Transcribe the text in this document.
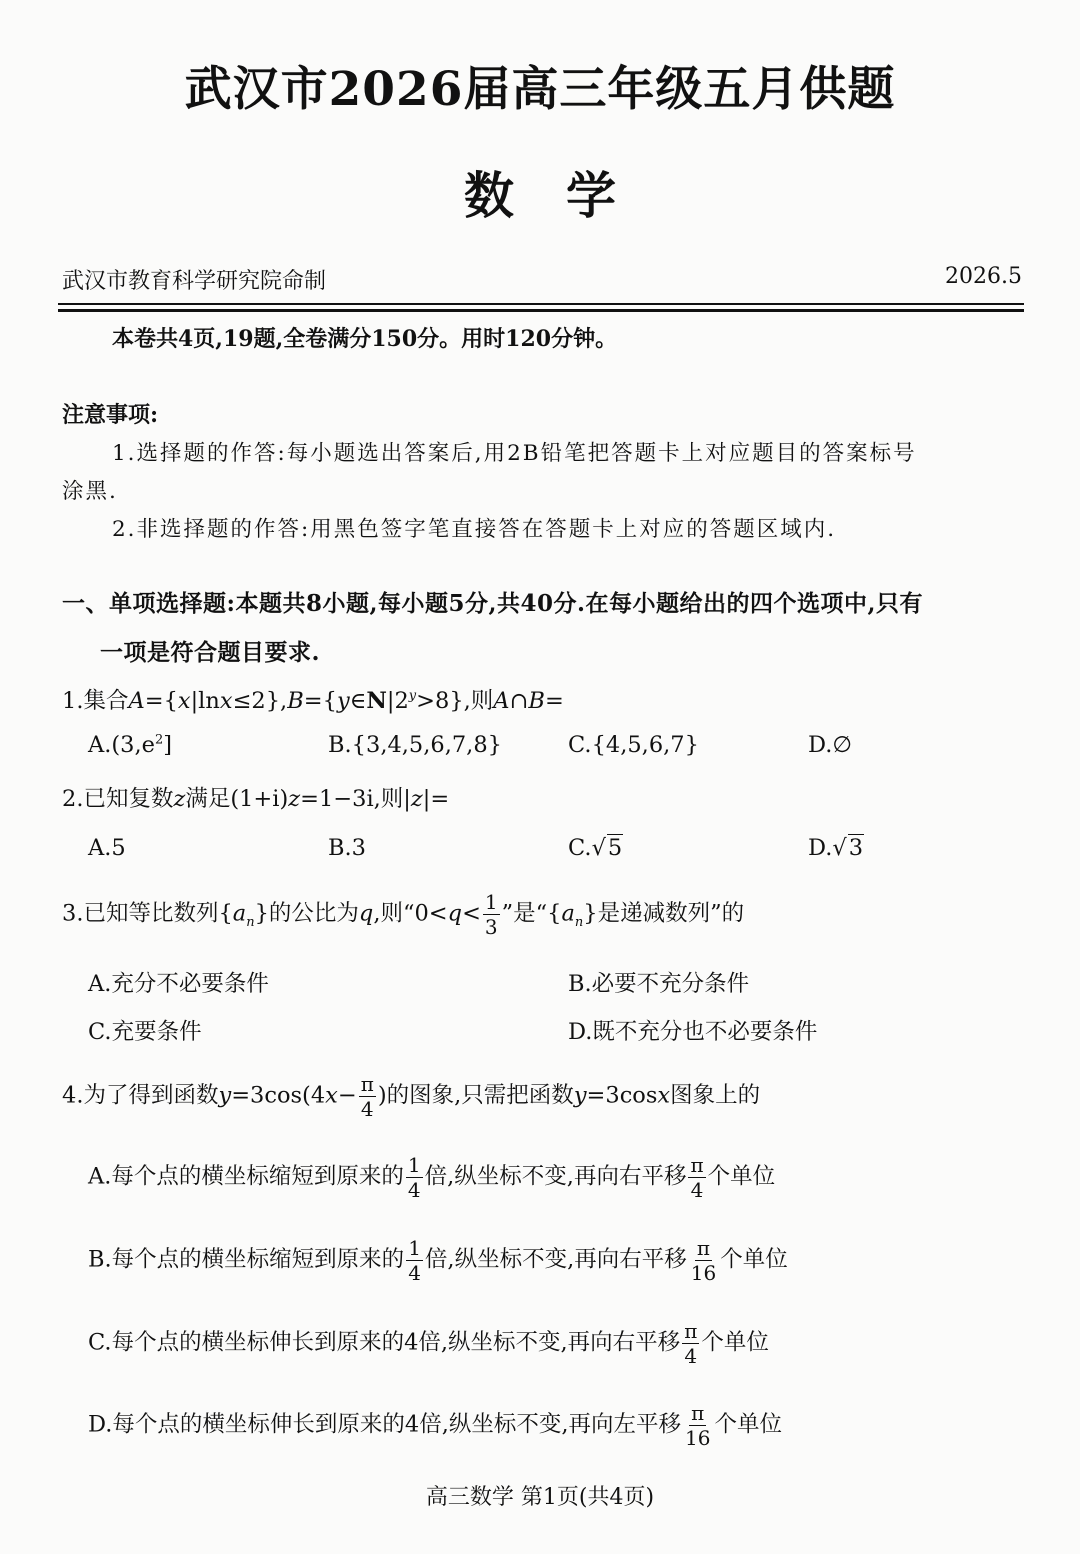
武汉市2026届高三年级五月供题
数 学
武汉市教育科学研究院命制	2026.5
本卷共4页,19题,全卷满分150分。用时120分钟。
注意事项:
1.选择题的作答:每小题选出答案后,用2B铅笔把答题卡上对应题目的答案标号
涂黑.
2.非选择题的作答:用黑色签字笔直接答在答题卡上对应的答题区域内.
一、单项选择题:本题共8小题,每小题5分,共40分.在每小题给出的四个选项中,只有
一项是符合题目要求.
1.集合$A=\{x|\ln x\le 2\},B=\{y\in N|2^y>8\}$,则A∩B=
$A.(3,e^2]$	B.{3,4,5,6,7,8}	C.{4,5,6,7}	D.∅
2.已知复数z满足(1+i)z=1−3i,则|z|=
A.5	B.3	C.√5	D.√3
3.已知等比数列$\{a_n\}$的公比为q,则“$0<q< \frac{1}{3}$ ”是“$\{a_n\}$是递减数列”的
A.充分不必要条件	B.必要不充分条件
C.充要条件	D.既不充分也不必要条件
4.为了得到函数$y=3\cos(4x- \frac{\pi}{4}$ )的图象,只需把函数y=3cosx图象上的
A.每个点的横坐标缩短到原来的 $\frac{1}{4}$ 倍,纵坐标不变,再向右平移 $\frac{\pi}{4}$ 个单位
B.每个点的横坐标缩短到原来的 $\frac{1}{4}$ 倍,纵坐标不变,再向右平移 $\frac{\pi}{16}$ 个单位
C.每个点的横坐标伸长到原来的4倍,纵坐标不变,再向右平移 $\frac{\pi}{4}$ 个单位
D.每个点的横坐标伸长到原来的4倍,纵坐标不变,再向左平移 $\frac{\pi}{16}$ 个单位
高三数学 第1页(共4页)
